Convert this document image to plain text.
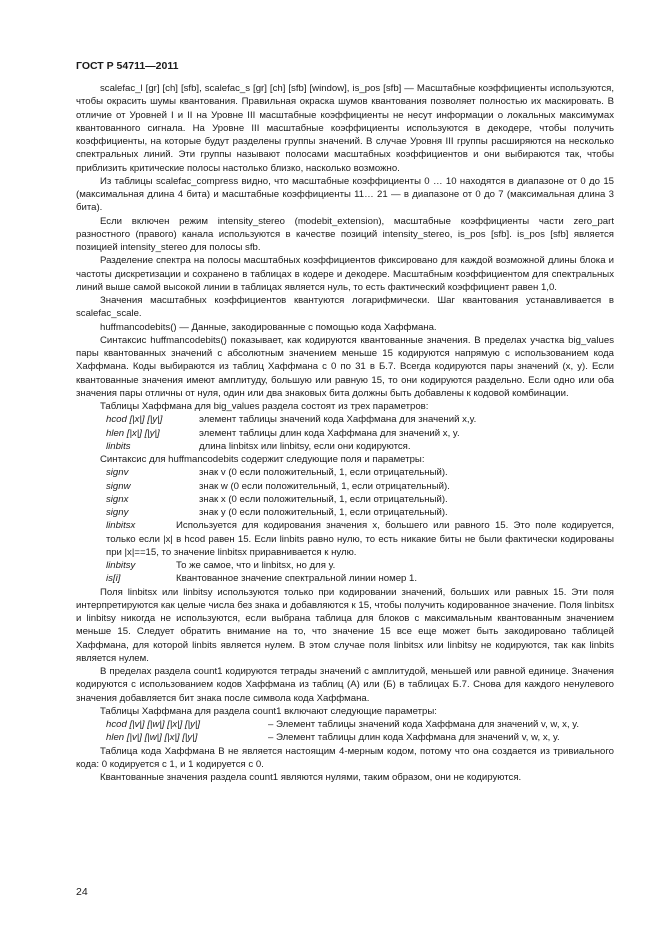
ГОСТ Р 54711—2011

scalefac_l [gr] [ch] [sfb], scalefac_s [gr] [ch] [sfb] [window], is_pos [sfb] — Масштабные коэффициенты используются, чтобы окрасить шумы квантования. Правильная окраска шумов квантования позволяет полностью их маскировать. В отличие от Уровней I и II на Уровне III масштабные коэффициенты не несут информации о локальных максимумах квантованного сигнала. На Уровне III масштабные коэффициенты используются в декодере, чтобы получить коэффициенты, на которые будут разделены группы значений. В случае Уровня III группы расширяются на несколько спектральных линий. Эти группы называют полосами масштабных коэффициентов и они выбираются так, чтобы приблизить критические полосы настолько близко, насколько возможно.

Из таблицы scalefac_compress видно, что масштабные коэффициенты 0 … 10 находятся в диапазоне от 0 до 15 (максимальная длина 4 бита) и масштабные коэффициенты 11… 21 — в диапазоне от 0 до 7 (максимальная длина 3 бита).

Если включен режим intensity_stereo (modebit_extension), масштабные коэффициенты части zero_part разностного (правого) канала используются в качестве позиций intensity_stereo, is_pos [sfb]. is_pos [sfb] является позицией intensity_stereo для полосы sfb.

Разделение спектра на полосы масштабных коэффициентов фиксировано для каждой возможной длины блока и частоты дискретизации и сохранено в таблицах в кодере и декодере. Масштабным коэффициентом для спектральных линий выше самой высокой линии в таблицах является нуль, то есть фактический коэффициент равен 1,0.

Значения масштабных коэффициентов квантуются логарифмически. Шаг квантования устанавливается в scalefac_scale.

huffmancodebits() — Данные, закодированные с помощью кода Хаффмана.

Синтаксис huffmancodebits() показывает, как кодируются квантованные значения. В пределах участка big_values пары квантованных значений с абсолютным значением меньше 15 кодируются напрямую с использованием кода Хаффмана. Коды выбираются из таблиц Хаффмана с 0 по 31 в Б.7. Всегда кодируются пары значений (x, y). Если квантованные значения имеют амплитуду, большую или равную 15, то они кодируются раздельно. Если одно или оба значения пары отличны от нуля, один или два знаковых бита должны быть добавлены к кодовой комбинации.

Таблицы Хаффмана для big_values раздела состоят из трех параметров:

hcod [|x|] [|y|]	элемент таблицы значений кода Хаффмана для значений x,y.
hlen [|x|] [|y|]	элемент таблицы длин кода Хаффмана для значений x, y.
linbits	длина linbitsx или linbitsy, если они кодируются.

Синтаксис для huffmancodebits содержит следующие поля и параметры:

signv	знак v (0 если положительный, 1, если отрицательный).
signw	знак w (0 если положительный, 1, если отрицательный).
signx	знак x (0 если положительный, 1, если отрицательный).
signy	знак y (0 если положительный, 1, если отрицательный).

linbitsx	Используется для кодирования значения x, большего или равного 15. Это поле кодируется, только если |x| в hcod равен 15. Если linbits равно нулю, то есть никакие биты не были фактически кодированы при |x|==15, то значение linbitsx приравнивается к нулю.

linbitsy	То же самое, что и linbitsx, но для y.
is[i]	Квантованное значение спектральной линии номер 1.

Поля linbitsx или linbitsy используются только при кодировании значений, больших или равных 15. Эти поля интерпретируются как целые числа без знака и добавляются к 15, чтобы получить кодированное значение. Поля linbitsx и linbitsy никогда не используются, если выбрана таблица для блоков с максимальным квантованным значением меньше 15. Следует обратить внимание на то, что значение 15 все еще может быть закодировано таблицей Хаффмана, для которой linbits является нулем. В этом случае поля linbitsx или linbitsy не кодируются, так как linbits является нулем.

В пределах раздела count1 кодируются тетрады значений с амплитудой, меньшей или равной единице. Значения кодируются с использованием кодов Хаффмана из таблиц (А) или (Б) в таблицах Б.7. Снова для каждого ненулевого значения добавляется бит знака после символа кода Хаффмана.

Таблицы Хаффмана для раздела count1 включают следующие параметры:

hcod [|v|] [|w|] [|x|] [|y|]	– Элемент таблицы значений кода Хаффмана для значений v, w, x, y.
hlen [|v|] [|w|] [|x|] [|y|]	– Элемент таблицы длин кода Хаффмана для значений v, w, x, y.

Таблица кода Хаффмана В не является настоящим 4-мерным кодом, потому что она создается из тривиального кода: 0 кодируется с 1, и 1 кодируется с 0.

Квантованные значения раздела count1 являются нулями, таким образом, они не кодируются.

24
